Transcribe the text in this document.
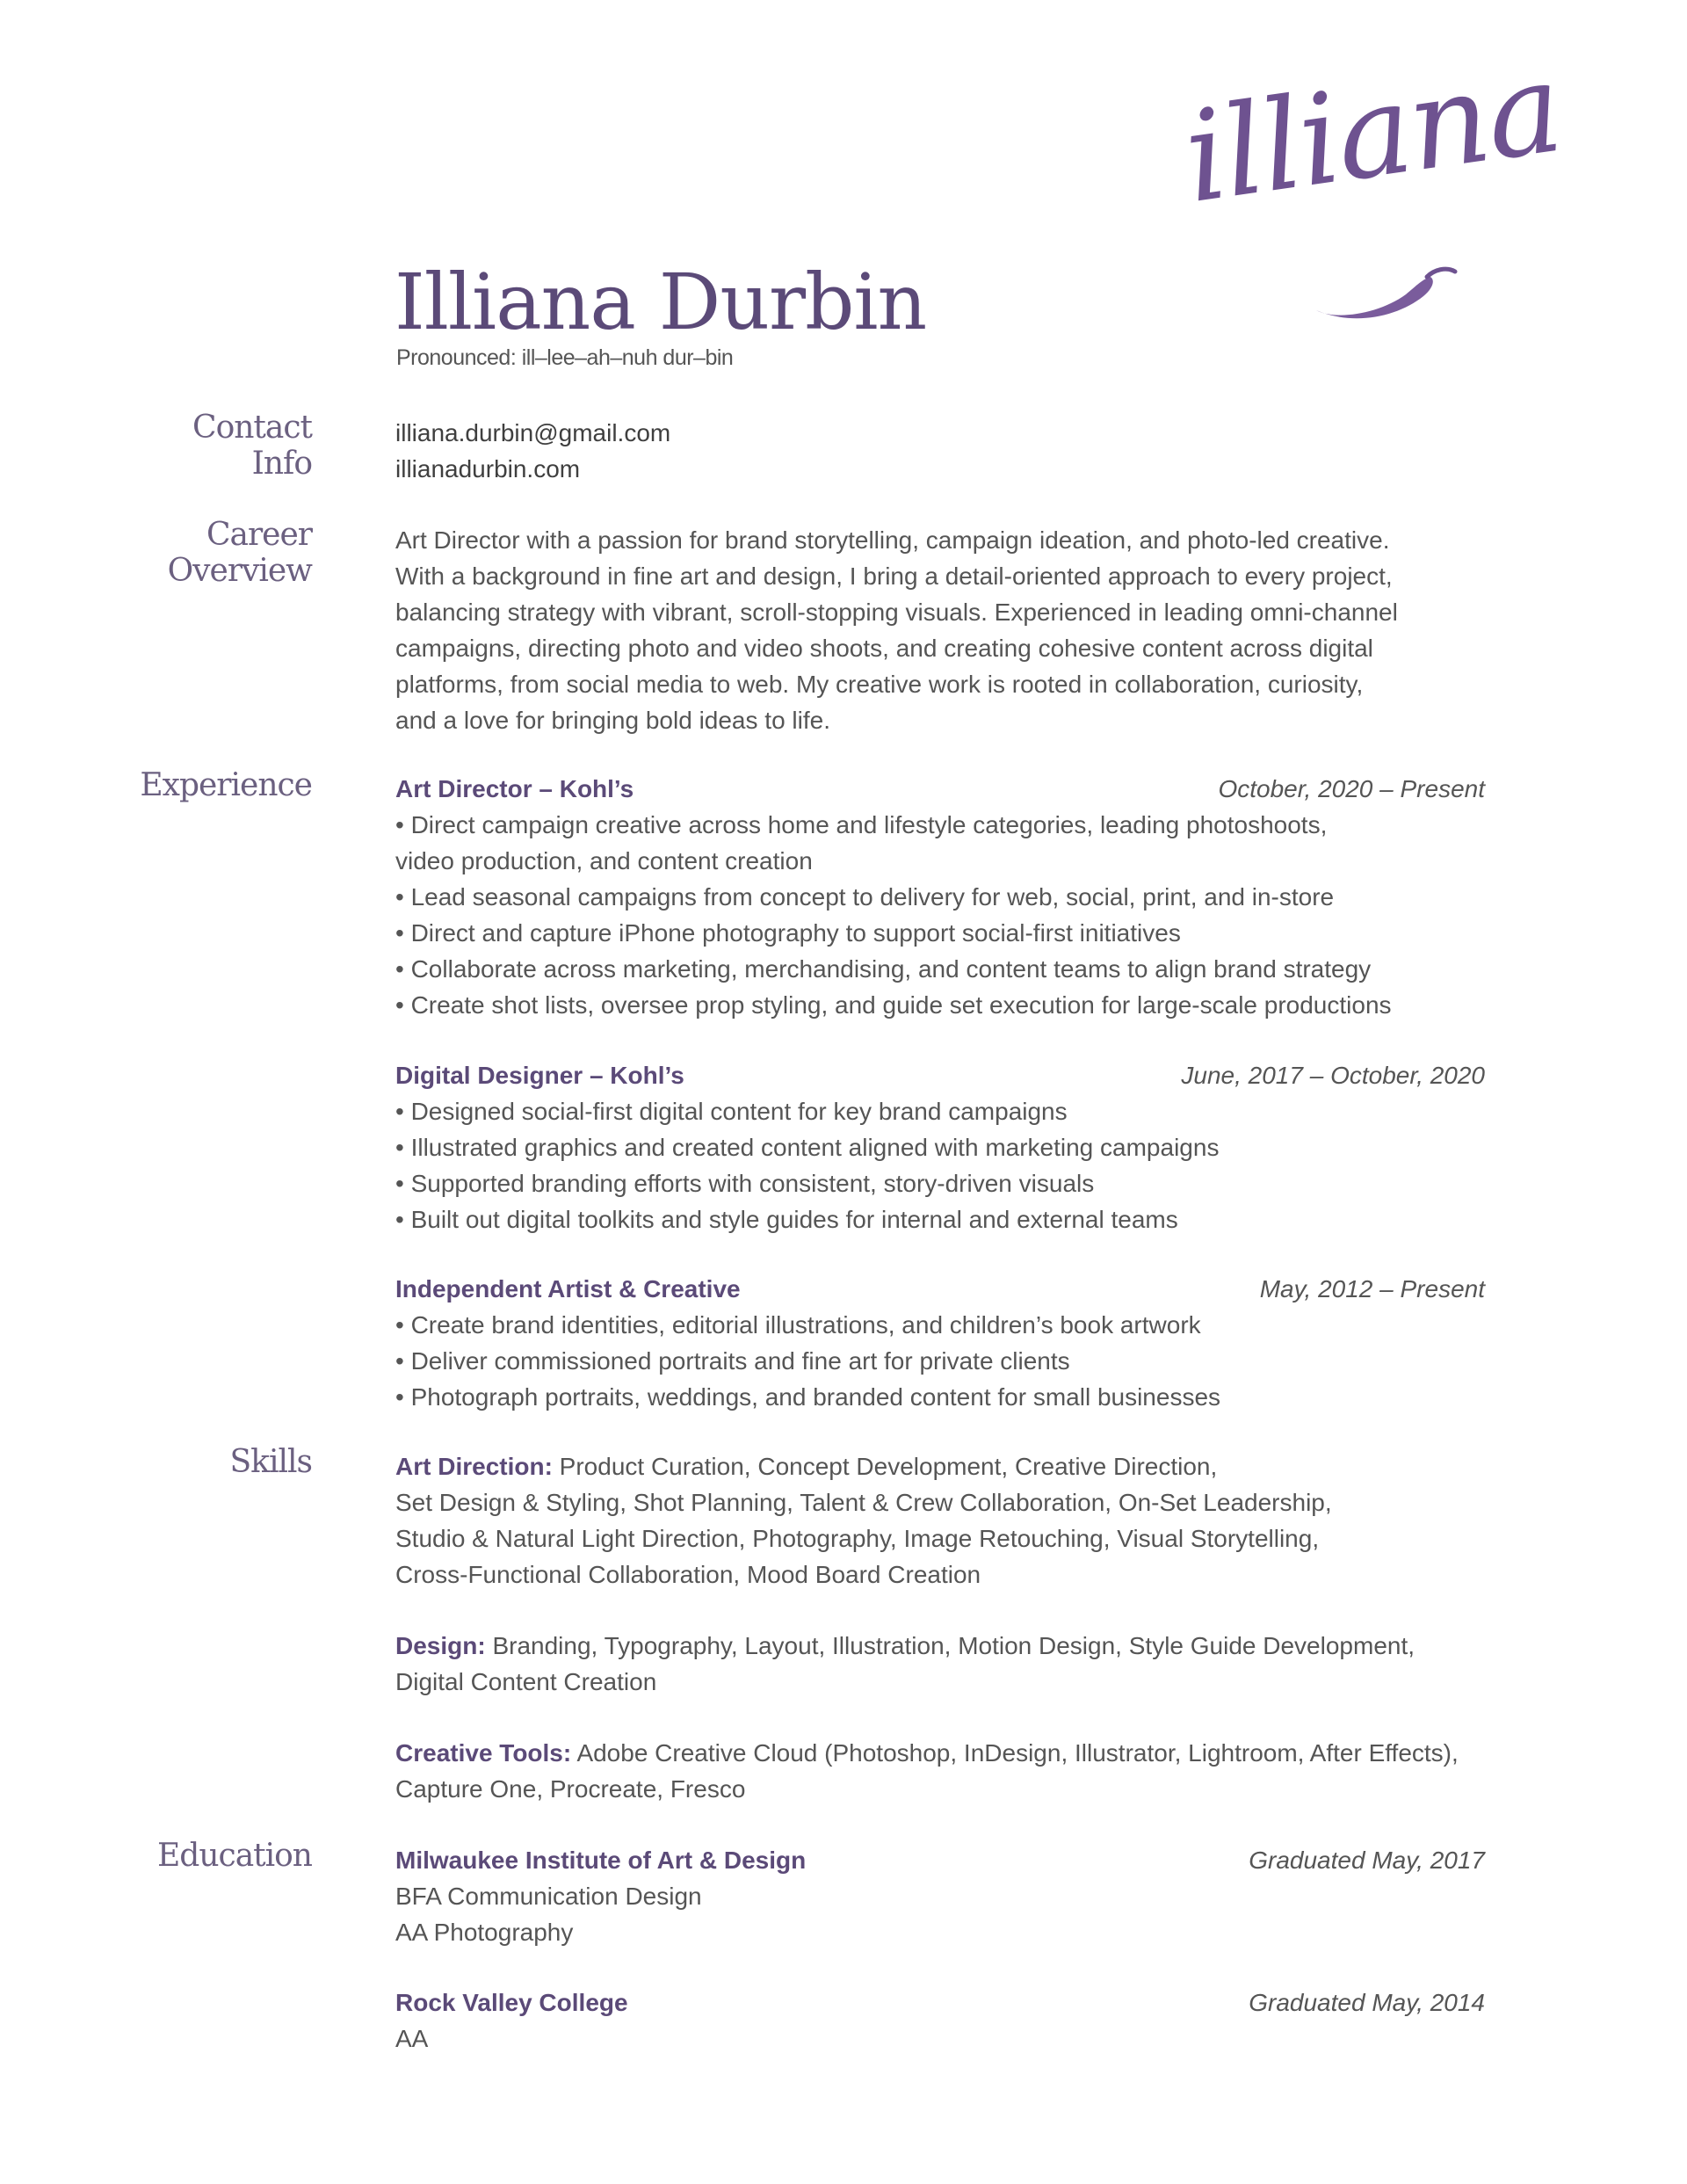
illiana
Illiana Durbin
Pronounced: ill–lee–ah–nuh dur–bin
Contact
Info
illiana.durbin@gmail.com
illianadurbin.com
Career
Overview
Art Director with a passion for brand storytelling, campaign ideation, and photo-led creative.
With a background in fine art and design, I bring a detail-oriented approach to every project,
balancing strategy with vibrant, scroll-stopping visuals. Experienced in leading omni-channel
campaigns, directing photo and video shoots, and creating cohesive content across digital
platforms, from social media to web. My creative work is rooted in collaboration, curiosity,
and a love for bringing bold ideas to life.
Experience	Art Director – Kohl’s	October, 2020 – Present
• Direct campaign creative across home and lifestyle categories, leading photoshoots,
video production, and content creation
• Lead seasonal campaigns from concept to delivery for web, social, print, and in-store
• Direct and capture iPhone photography to support social-first initiatives
• Collaborate across marketing, merchandising, and content teams to align brand strategy
• Create shot lists, oversee prop styling, and guide set execution for large-scale productions
Digital Designer – Kohl’s	June, 2017 – October, 2020
• Designed social-first digital content for key brand campaigns
• Illustrated graphics and created content aligned with marketing campaigns
• Supported branding efforts with consistent, story-driven visuals
• Built out digital toolkits and style guides for internal and external teams
Independent Artist & Creative	May, 2012 – Present
• Create brand identities, editorial illustrations, and children’s book artwork
• Deliver commissioned portraits and fine art for private clients
• Photograph portraits, weddings, and branded content for small businesses
Skills	Art Direction: Product Curation, Concept Development, Creative Direction,
Set Design & Styling, Shot Planning, Talent & Crew Collaboration, On-Set Leadership,
Studio & Natural Light Direction, Photography, Image Retouching, Visual Storytelling,
Cross-Functional Collaboration, Mood Board Creation
Design: Branding, Typography, Layout, Illustration, Motion Design, Style Guide Development,
Digital Content Creation
Creative Tools: Adobe Creative Cloud (Photoshop, InDesign, Illustrator, Lightroom, After Effects),
Capture One, Procreate, Fresco
Education	Milwaukee Institute of Art & Design	Graduated May, 2017
BFA Communication Design
AA Photography
Rock Valley College	Graduated May, 2014
AA
